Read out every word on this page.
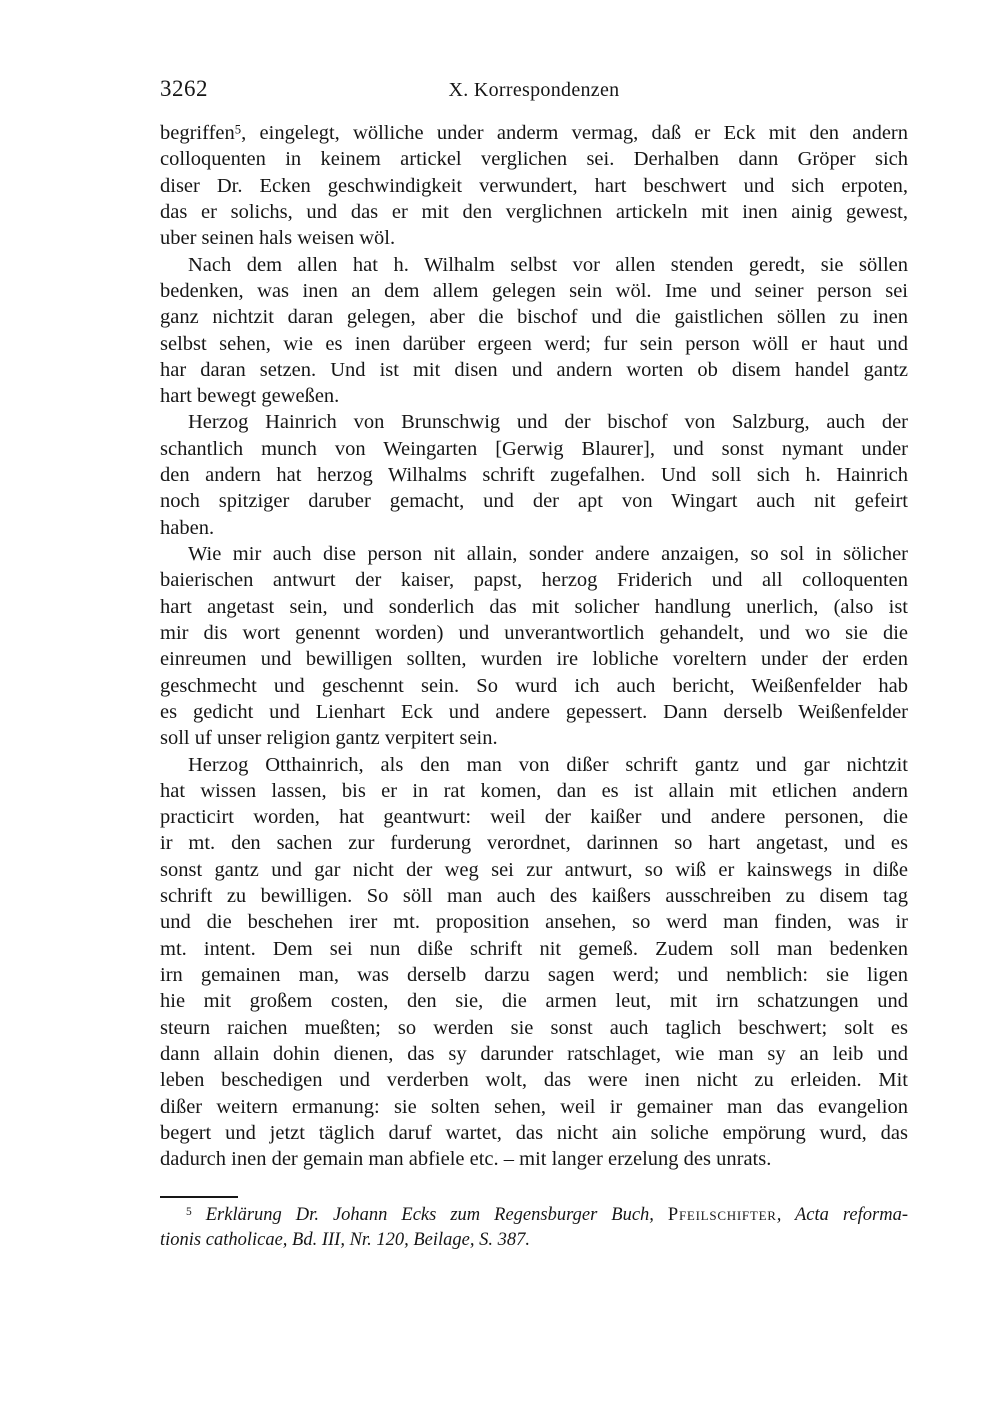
3262	X. Korrespondenzen
begriffen$^5$, eingelegt, wölliche under anderm vermag, daß er Eck mit den andern
colloquenten in keinem artickel verglichen sei. Derhalben dann Gröper sich
diser Dr. Ecken geschwindigkeit verwundert, hart beschwert und sich erpoten,
das er solichs, und das er mit den verglichnen artickeln mit inen ainig gewest,
uber seinen hals weisen wöl.
Nach dem allen hat h. Wilhalm selbst vor allen stenden geredt, sie söllen
bedenken, was inen an dem allem gelegen sein wöl. Ime und seiner person sei
ganz nichtzit daran gelegen, aber die bischof und die gaistlichen söllen zu inen
selbst sehen, wie es inen darüber ergeen werd; fur sein person wöll er haut und
har daran setzen. Und ist mit disen und andern worten ob disem handel gantz
hart bewegt geweßen.
Herzog Hainrich von Brunschwig und der bischof von Salzburg, auch der
schantlich munch von Weingarten [Gerwig Blaurer], und sonst nymant under
den andern hat herzog Wilhalms schrift zugefalhen. Und soll sich h. Hainrich
noch spitziger daruber gemacht, und der apt von Wingart auch nit gefeirt
haben.
Wie mir auch dise person nit allain, sonder andere anzaigen, so sol in sölicher
baierischen antwurt der kaiser, papst, herzog Friderich und all colloquenten
hart angetast sein, und sonderlich das mit solicher handlung unerlich, (also ist
mir dis wort genennt worden) und unverantwortlich gehandelt, und wo sie die
einreumen und bewilligen sollten, wurden ire lobliche voreltern under der erden
geschmecht und geschennt sein. So wurd ich auch bericht, Weißenfelder hab
es gedicht und Lienhart Eck und andere gepessert. Dann derselb Weißenfelder
soll uf unser religion gantz verpitert sein.
Herzog Otthainrich, als den man von dißer schrift gantz und gar nichtzit
hat wissen lassen, bis er in rat komen, dan es ist allain mit etlichen andern
practicirt worden, hat geantwurt: weil der kaißer und andere personen, die
ir mt. den sachen zur furderung verordnet, darinnen so hart angetast, und es
sonst gantz und gar nicht der weg sei zur antwurt, so wiß er kainswegs in diße
schrift zu bewilligen. So söll man auch des kaißers ausschreiben zu disem tag
und die beschehen irer mt. proposition ansehen, so werd man finden, was ir
mt. intent. Dem sei nun diße schrift nit gemeß. Zudem soll man bedenken
irn gemainen man, was derselb darzu sagen werd; und nemblich: sie ligen
hie mit großem costen, den sie, die armen leut, mit irn schatzungen und
steurn raichen mueßten; so werden sie sonst auch taglich beschwert; solt es
dann allain dohin dienen, das sy darunder ratschlaget, wie man sy an leib und
leben beschedigen und verderben wolt, das were inen nicht zu erleiden. Mit
dißer weitern ermanung: sie solten sehen, weil ir gemainer man das evangelion
begert und jetzt täglich daruf wartet, das nicht ain soliche empörung wurd, das
dadurch inen der gemain man abfiele etc. – mit langer erzelung des unrats.
$^5$ Erklärung Dr. Johann Ecks zum Regensburger Buch, Pfeilschifter, Acta reforma-
tionis catholicae, Bd. III, Nr. 120, Beilage, S. 387.
